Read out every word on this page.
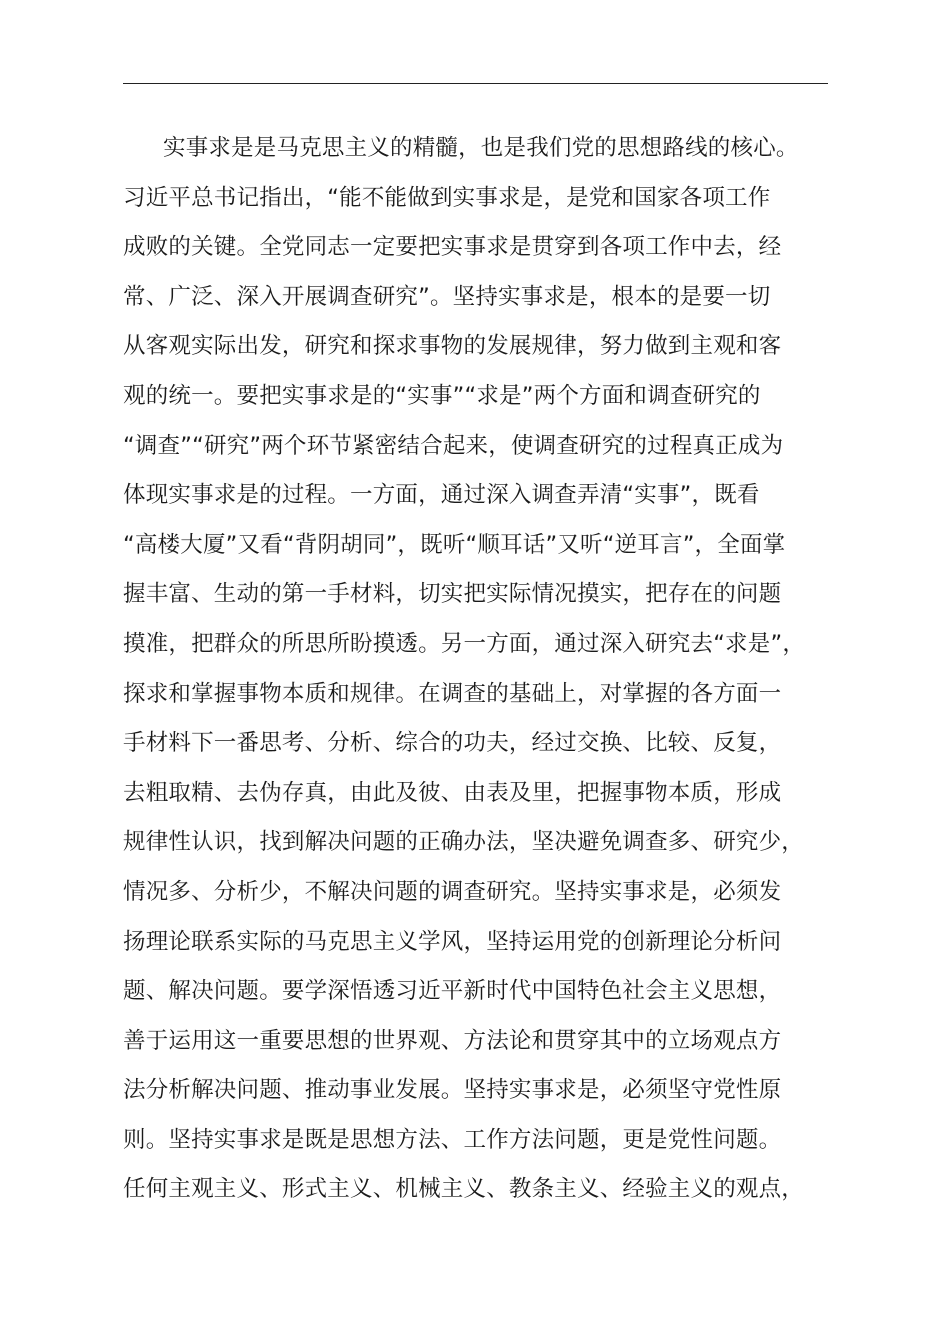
实事求是是马克思主义的精髓，也是我们党的思想路线的核心。
习近平总书记指出，“能不能做到实事求是，是党和国家各项工作
成败的关键。全党同志一定要把实事求是贯穿到各项工作中去，经
常、广泛、深入开展调查研究”。坚持实事求是，根本的是要一切
从客观实际出发，研究和探求事物的发展规律，努力做到主观和客
观的统一。要把实事求是的“实事”“求是”两个方面和调查研究的
“调查”“研究”两个环节紧密结合起来，使调查研究的过程真正成为
体现实事求是的过程。一方面，通过深入调查弄清“实事”，既看
“高楼大厦”又看“背阴胡同”，既听“顺耳话”又听“逆耳言”，全面掌
握丰富、生动的第一手材料，切实把实际情况摸实，把存在的问题
摸准，把群众的所思所盼摸透。另一方面，通过深入研究去“求是”，
探求和掌握事物本质和规律。在调查的基础上，对掌握的各方面一
手材料下一番思考、分析、综合的功夫，经过交换、比较、反复，
去粗取精、去伪存真，由此及彼、由表及里，把握事物本质，形成
规律性认识，找到解决问题的正确办法，坚决避免调查多、研究少，
情况多、分析少，不解决问题的调查研究。坚持实事求是，必须发
扬理论联系实际的马克思主义学风，坚持运用党的创新理论分析问
题、解决问题。要学深悟透习近平新时代中国特色社会主义思想，
善于运用这一重要思想的世界观、方法论和贯穿其中的立场观点方
法分析解决问题、推动事业发展。坚持实事求是，必须坚守党性原
则。坚持实事求是既是思想方法、工作方法问题，更是党性问题。
任何主观主义、形式主义、机械主义、教条主义、经验主义的观点，
